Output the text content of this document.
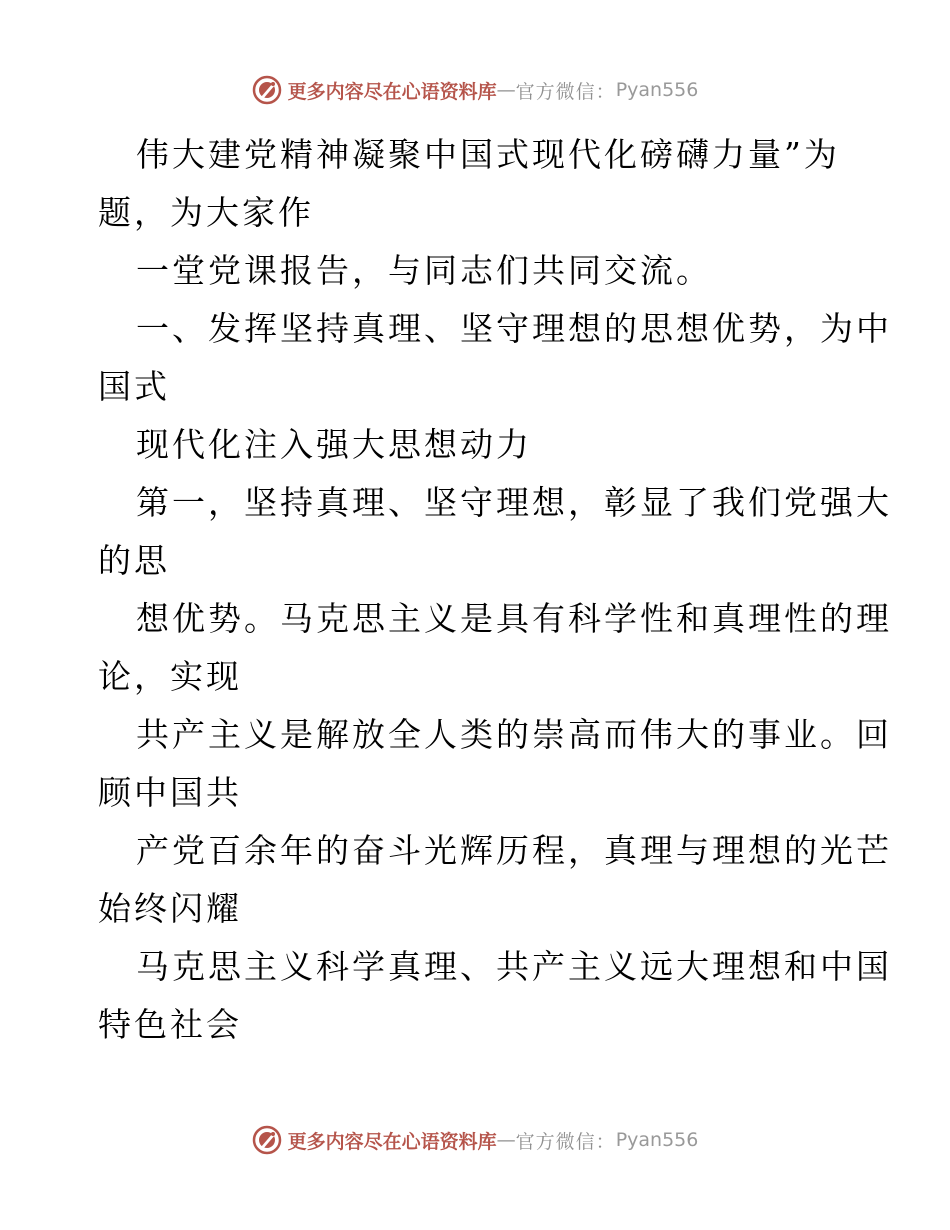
更多内容尽在心语资料库 — 官方微信： Pyan556
伟大建党精神凝聚中国式现代化磅礴力量”为
题，为大家作
一堂党课报告，与同志们共同交流。
一、发挥坚持真理、坚守理想的思想优势，为中
国式
现代化注入强大思想动力
第一，坚持真理、坚守理想，彰显了我们党强大
的思
想优势。马克思主义是具有科学性和真理性的理
论，实现
共产主义是解放全人类的崇高而伟大的事业。回
顾中国共
产党百余年的奋斗光辉历程，真理与理想的光芒
始终闪耀
马克思主义科学真理、共产主义远大理想和中国
特色社会
更多内容尽在心语资料库 — 官方微信： Pyan556
